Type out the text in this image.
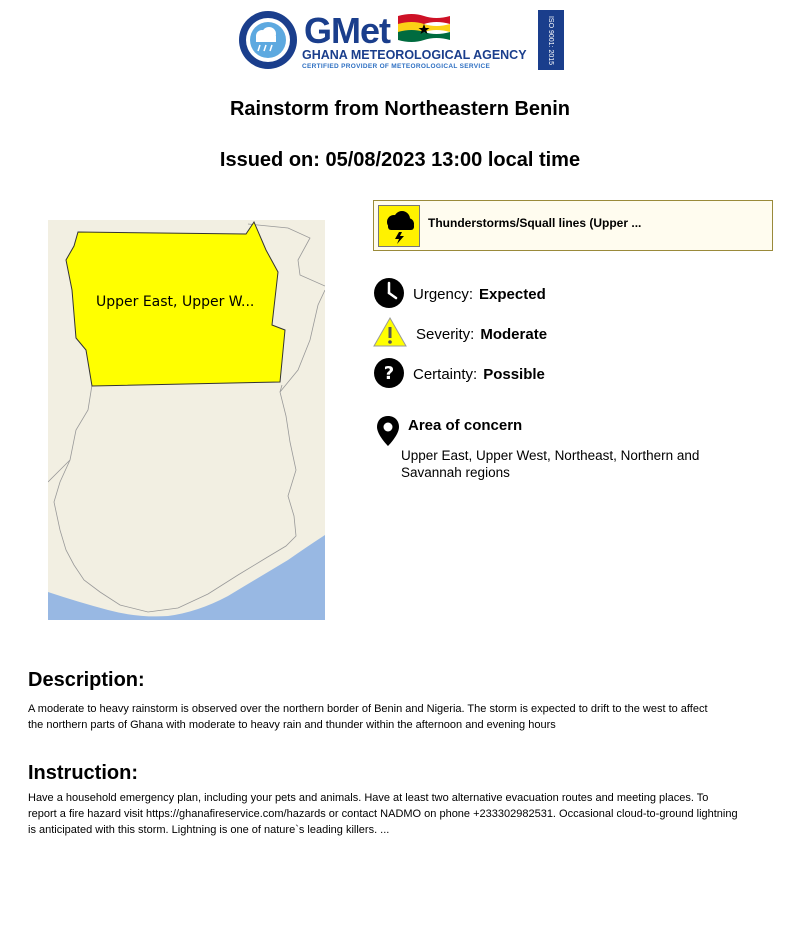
GMet
GHANA METEOROLOGICAL AGENCY
CERTIFIED PROVIDER OF METEOROLOGICAL SERVICE
ISO 9001: 2015
Rainstorm from Northeastern Benin
Issued on: 05/08/2023 13:00 local time
Upper East, Upper W...
Thunderstorms/Squall lines (Upper ...
Urgency: Expected
Severity: Moderate
? Certainty: Possible
Area of concern
Upper East, Upper West, Northeast, Northern and Savannah regions
Description:
A moderate to heavy rainstorm is observed over the northern border of Benin and Nigeria. The storm is expected to drift to the west to affect the northern parts of Ghana with moderate to heavy rain and thunder within the afternoon and evening hours
Instruction:
Have a household emergency plan, including your pets and animals. Have at least two alternative evacuation routes and meeting places. To report a fire hazard visit https://ghanafireservice.com/hazards or contact NADMO on phone +233302982531. Occasional cloud-to-ground lightning is anticipated with this storm. Lightning is one of nature`s leading killers. ...
